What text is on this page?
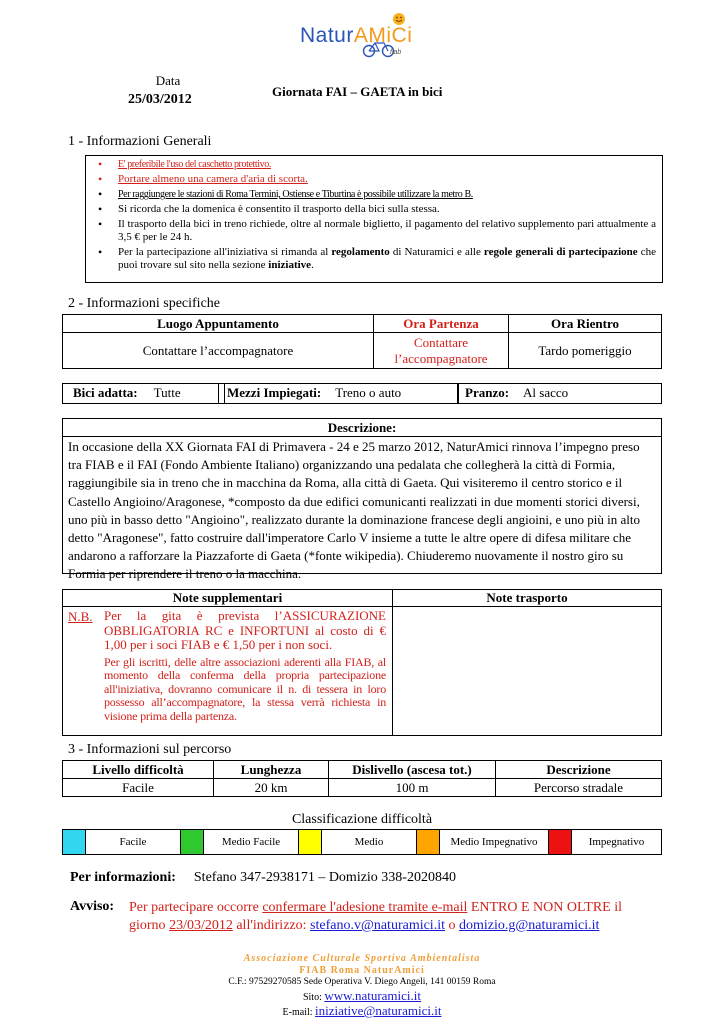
NaturAMiCi
fiab
Data
25/03/2012
Giornata FAI – GAETA in bici
1 - Informazioni Generali
• E' preferibile l'uso del caschetto protettivo.
• Portare almeno una camera d'aria di scorta.
• Per raggiungere le stazioni di Roma Termini, Ostiense e Tiburtina è possibile utilizzare la metro B.
• Si ricorda che la domenica è consentito il trasporto della bici sulla stessa.
• Il trasporto della bici in treno richiede, oltre al normale biglietto, il pagamento del relativo supplemento pari attualmente a 3,5 € per le 24 h.
• Per la partecipazione all'iniziativa si rimanda al regolamento di Naturamici e alle regole generali di partecipazione che puoi trovare sul sito nella sezione iniziative.
2 - Informazioni specifiche
Luogo Appuntamento	Ora Partenza	Ora Rientro
Contattare l’accompagnatore	Contattare l’accompagnatore	Tardo pomeriggio
Bici adatta: Tutte	Mezzi Impiegati: Treno o auto	Pranzo: Al sacco
Descrizione:
In occasione della XX Giornata FAI di Primavera - 24 e 25 marzo 2012, NaturAmici rinnova l’impegno preso tra FIAB e il FAI (Fondo Ambiente Italiano) organizzando una pedalata che collegherà la città di Formia, raggiungibile sia in treno che in macchina da Roma, alla città di Gaeta. Qui visiteremo il centro storico e il Castello Angioino/Aragonese, *composto da due edifici comunicanti realizzati in due momenti storici diversi, uno più in basso detto "Angioino", realizzato durante la dominazione francese degli angioini, e uno più in alto detto "Aragonese", fatto costruire dall'imperatore Carlo V insieme a tutte le altre opere di difesa militare che andarono a rafforzare la Piazzaforte di Gaeta (*fonte wikipedia). Chiuderemo nuovamente il nostro giro su Formia per riprendere il treno o la macchina.
Note supplementari
N.B. Per la gita è prevista l’ASSICURAZIONE OBBLIGATORIA RC e INFORTUNI al costo di € 1,00 per i soci FIAB e € 1,50 per i non soci.
Per gli iscritti, delle altre associazioni aderenti alla FIAB, al momento della conferma della propria partecipazione all'iniziativa, dovranno comunicare il n. di tessera in loro possesso all’accompagnatore, la stessa verrà richiesta in visione prima della partenza.
Note trasporto
3 - Informazioni sul percorso
Livello difficoltà	Lunghezza	Dislivello (ascesa tot.)	Descrizione
Facile	20 km	100 m	Percorso stradale
Classificazione difficoltà
	Facile		Medio Facile		Medio		Medio Impegnativo		Impegnativo
Per informazioni: Stefano 347-2938171 – Domizio 338-2020840
Avviso: Per partecipare occorre confermare l'adesione tramite e-mail ENTRO E NON OLTRE il giorno 23/03/2012 all'indirizzo: stefano.v@naturamici.it o domizio.g@naturamici.it
Associazione Culturale Sportiva Ambientalista
FIAB Roma NaturAmici
C.F.: 97529270585 Sede Operativa V. Diego Angeli, 141 00159 Roma
Sito: www.naturamici.it
E-mail: iniziative@naturamici.it
